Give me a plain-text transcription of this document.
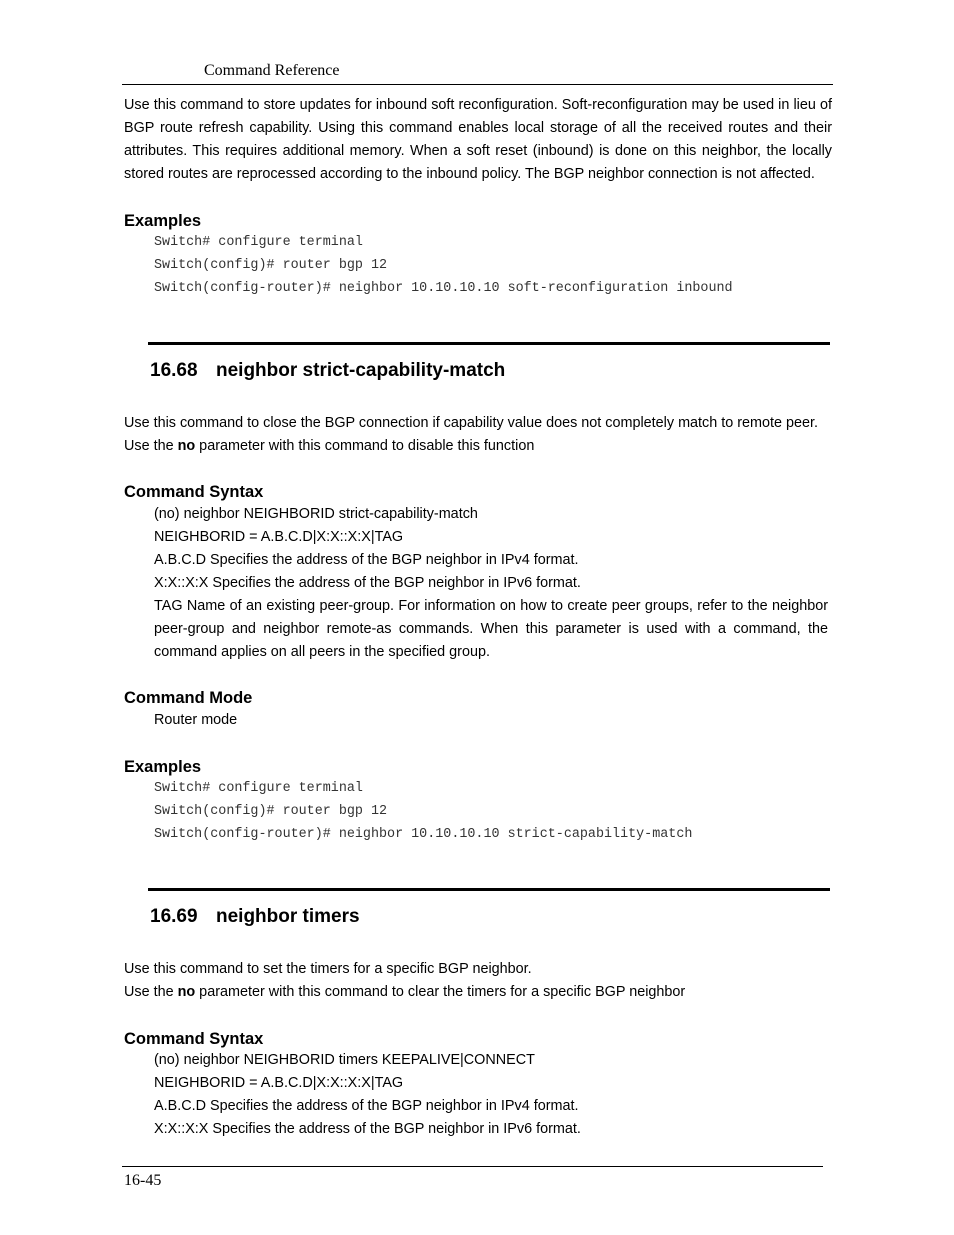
Command Reference

Use this command to store updates for inbound soft reconfiguration. Soft-reconfiguration may be used in lieu of BGP route refresh capability. Using this command enables local storage of all the received routes and their attributes. This requires additional memory. When a soft reset (inbound) is done on this neighbor, the locally stored routes are reprocessed according to the inbound policy. The BGP neighbor connection is not affected.

Examples
Switch# configure terminal
Switch(config)# router bgp 12
Switch(config-router)# neighbor 10.10.10.10 soft-reconfiguration inbound
16.68 neighbor strict-capability-match
Use this command to close the BGP connection if capability value does not completely match to remote peer.
Use the no parameter with this command to disable this function
Command Syntax
(no) neighbor NEIGHBORID strict-capability-match
NEIGHBORID = A.B.C.D|X:X::X:X|TAG
A.B.C.D Specifies the address of the BGP neighbor in IPv4 format.
X:X::X:X Specifies the address of the BGP neighbor in IPv6 format.
TAG Name of an existing peer-group. For information on how to create peer groups, refer to the neighbor peer-group and neighbor remote-as commands. When this parameter is used with a command, the command applies on all peers in the specified group.
Command Mode
Router mode
Examples
Switch# configure terminal
Switch(config)# router bgp 12
Switch(config-router)# neighbor 10.10.10.10 strict-capability-match
16.69 neighbor timers
Use this command to set the timers for a specific BGP neighbor.
Use the no parameter with this command to clear the timers for a specific BGP neighbor
Command Syntax
(no) neighbor NEIGHBORID timers KEEPALIVE|CONNECT
NEIGHBORID = A.B.C.D|X:X::X:X|TAG
A.B.C.D Specifies the address of the BGP neighbor in IPv4 format.
X:X::X:X Specifies the address of the BGP neighbor in IPv6 format.
16-45
